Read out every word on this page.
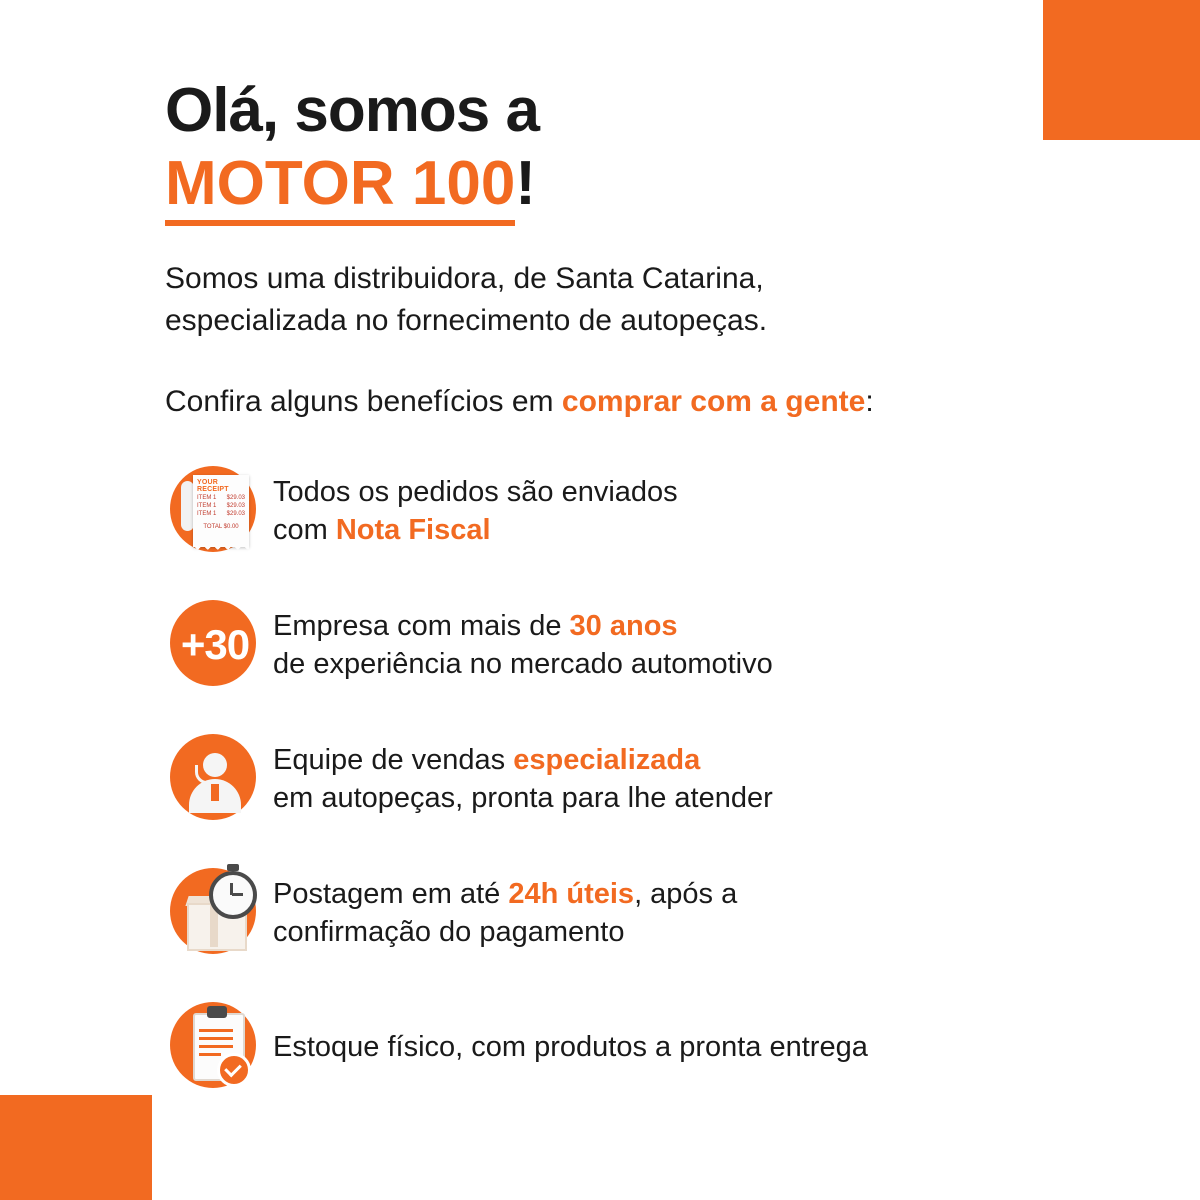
Olá, somos a
MOTOR 100!

Somos uma distribuidora, de Santa Catarina,
especializada no fornecimento de autopeças.

Confira alguns benefícios em comprar com a gente:

YOUR RECEIPT
ITEM 1 $29.03
ITEM 1 $29.03
ITEM 1 $29.03
TOTAL $0.00
Todos os pedidos são enviados
com Nota Fiscal
+30 Empresa com mais de 30 anos
de experiência no mercado automotivo
Equipe de vendas especializada
em autopeças, pronta para lhe atender
Postagem em até 24h úteis, após a
confirmação do pagamento
Estoque físico, com produtos a pronta entrega
